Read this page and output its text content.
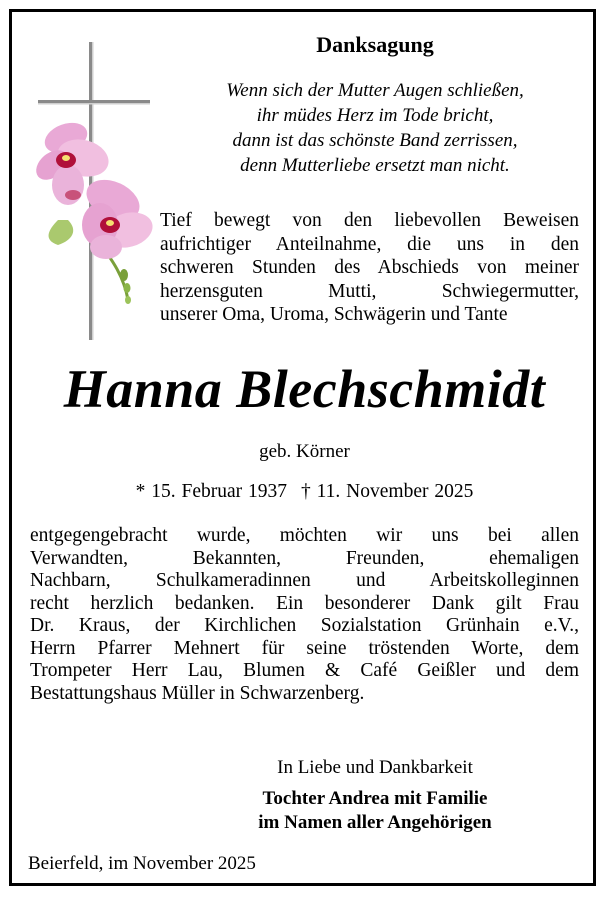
Danksagung
Wenn sich der Mutter Augen schließen,
ihr müdes Herz im Tode bricht,
dann ist das schönste Band zerrissen,
denn Mutterliebe ersetzt man nicht.
Tief bewegt von den liebevollen Beweisen
aufrichtiger Anteilnahme, die uns in den
schweren Stunden des Abschieds von meiner
herzensguten Mutti, Schwiegermutter,
unserer Oma, Uroma, Schwägerin und Tante
Hanna Blechschmidt
geb. Körner
* 15. Februar 1937 † 11. November 2025
entgegengebracht wurde, möchten wir uns bei allen
Verwandten, Bekannten, Freunden, ehemaligen
Nachbarn, Schulkameradinnen und Arbeitskolleginnen
recht herzlich bedanken. Ein besonderer Dank gilt Frau
Dr. Kraus, der Kirchlichen Sozialstation Grünhain e.V.,
Herrn Pfarrer Mehnert für seine tröstenden Worte, dem
Trompeter Herr Lau, Blumen & Café Geißler und dem
Bestattungshaus Müller in Schwarzenberg.
In Liebe und Dankbarkeit
Tochter Andrea mit Familie
im Namen aller Angehörigen
Beierfeld, im November 2025
